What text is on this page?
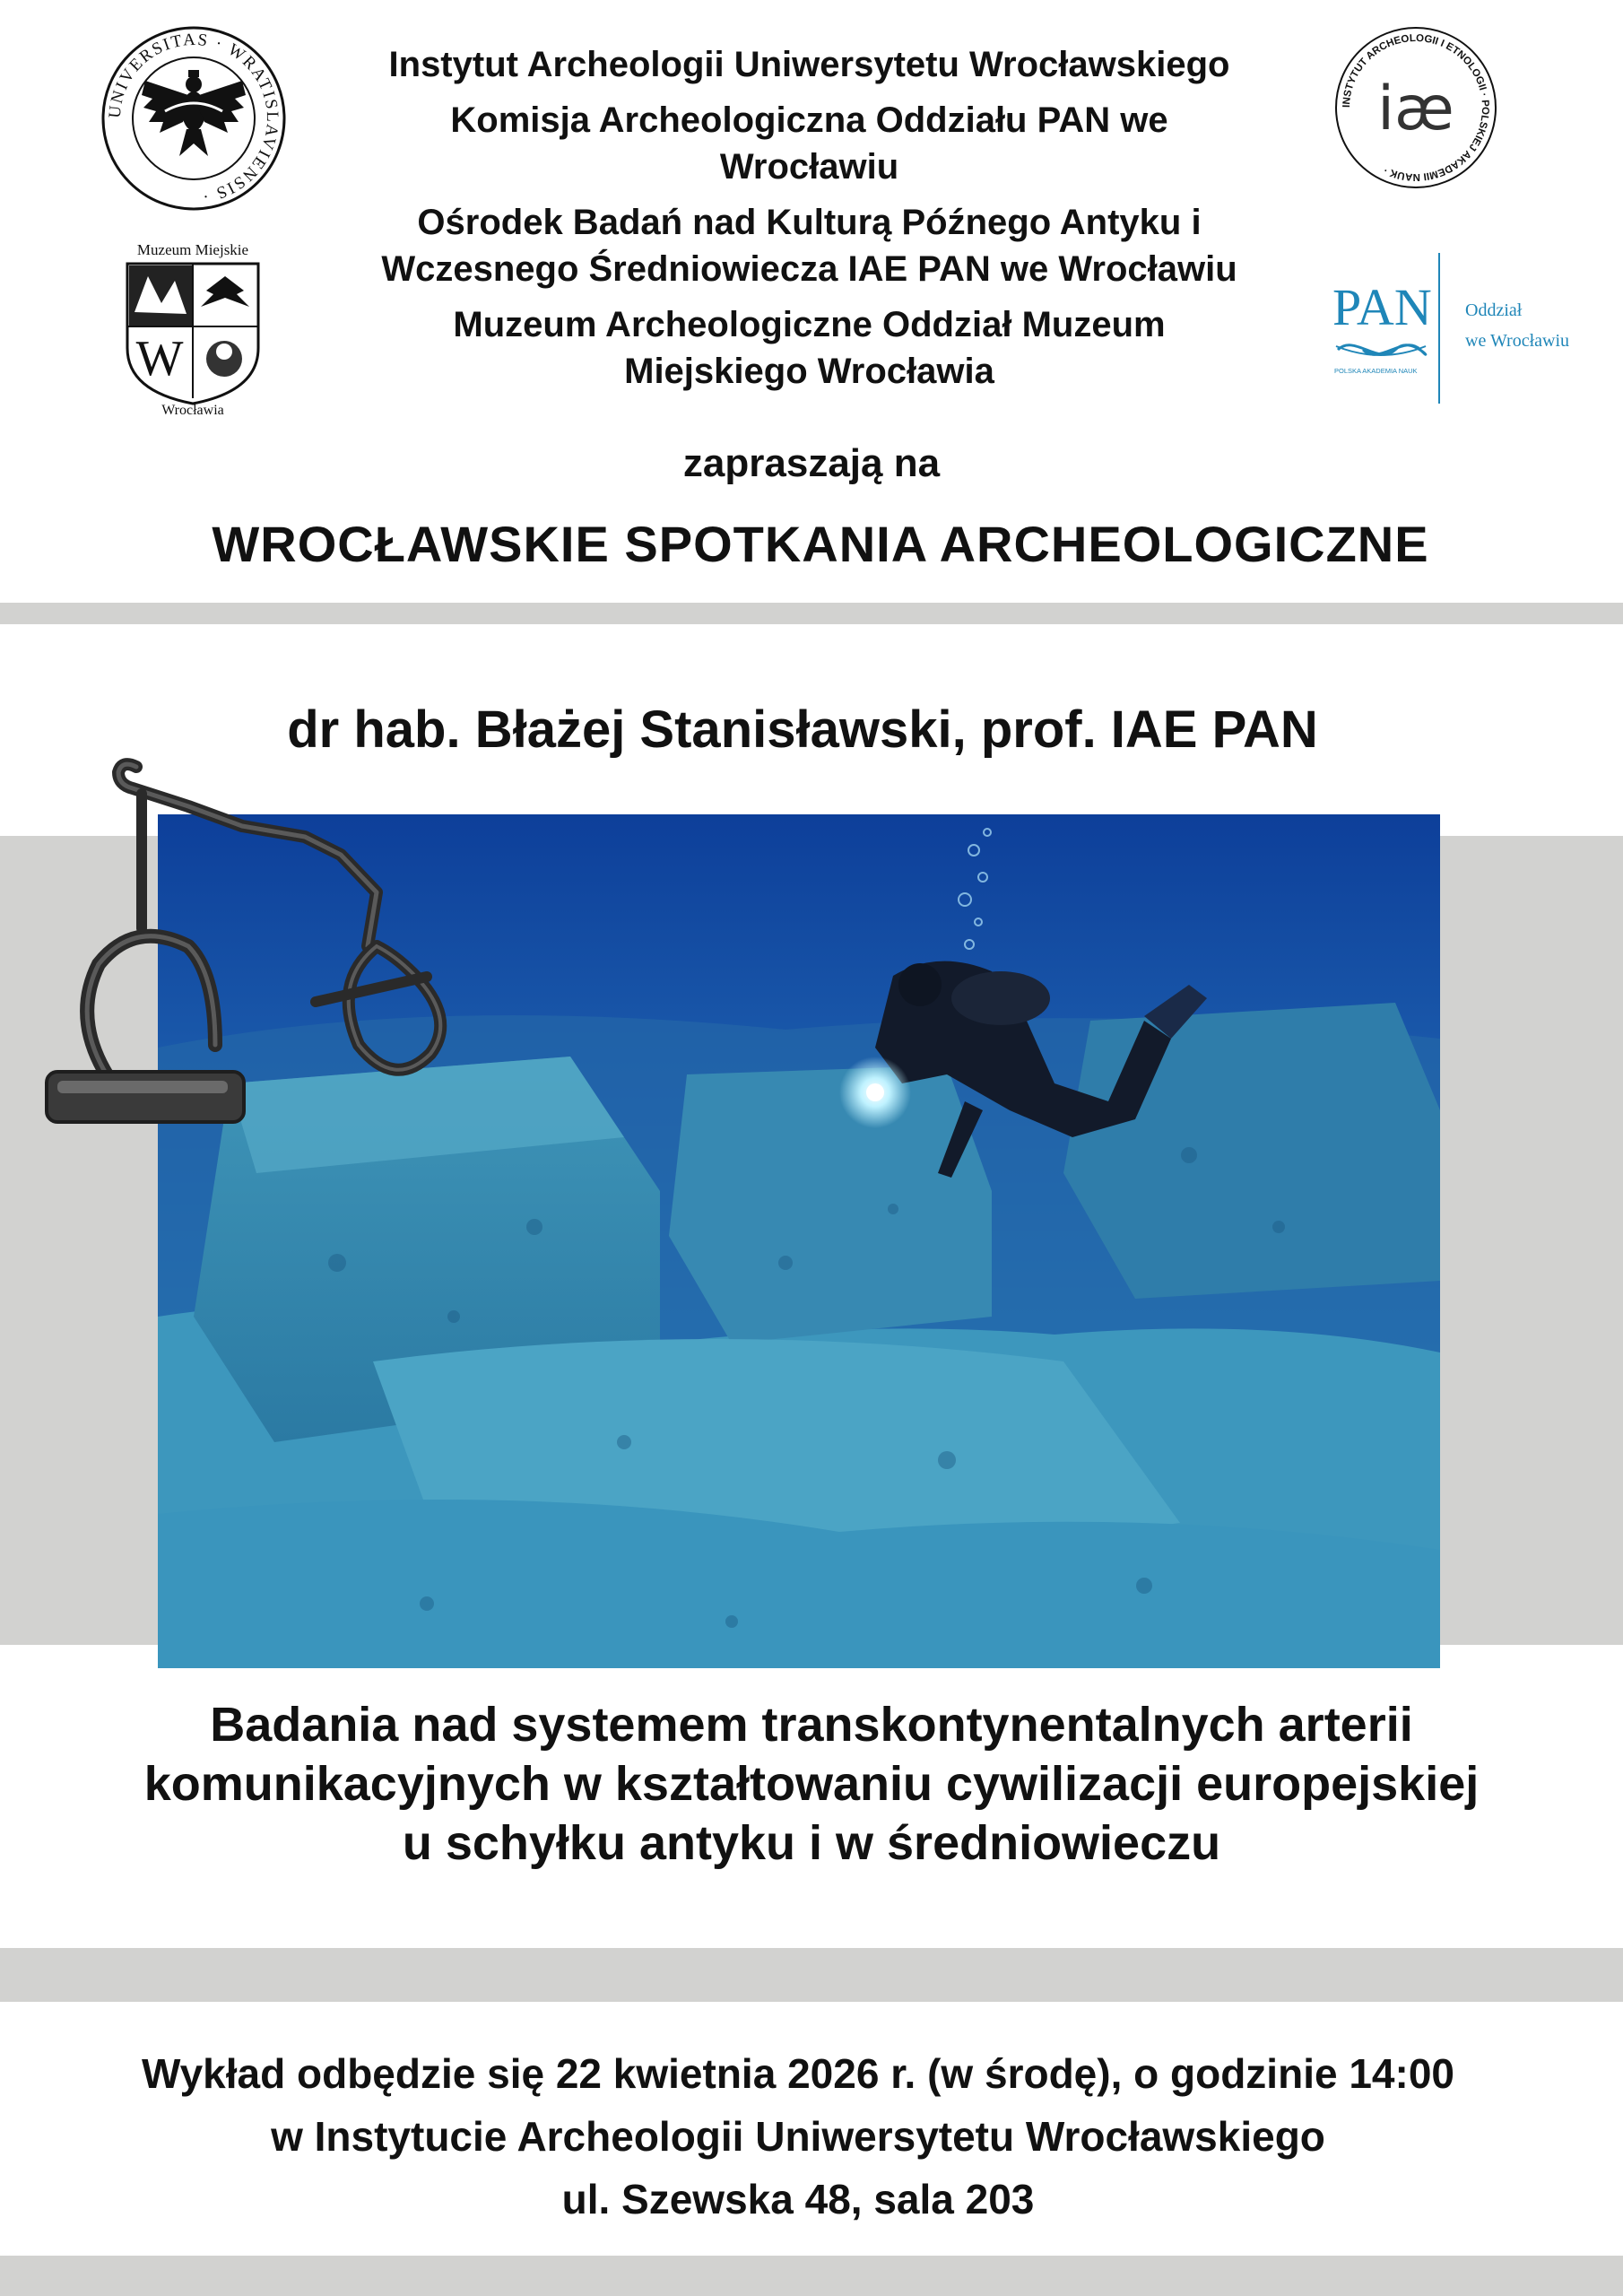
UNIVERSITAS · WRATISLAVIENSIS ·
Muzeum Miejskie
W
Wrocławia
INSTYTUT ARCHEOLOGII I ETNOLOGII · POLSKIEJ AKADEMII NAUK ·
iæ
PAN
POLSKA AKADEMIA NAUK
Oddział
we Wrocławiu
Instytut Archeologii Uniwersytetu Wrocławskiego
Komisja Archeologiczna Oddziału PAN we Wrocławiu
Ośrodek Badań nad Kulturą Późnego Antyku i Wczesnego Średniowiecza IAE PAN we Wrocławiu
Muzeum Archeologiczne Oddział Muzeum Miejskiego Wrocławia
zapraszają na
WROCŁAWSKIE SPOTKANIA ARCHEOLOGICZNE
dr hab. Błażej Stanisławski, prof. IAE PAN
Badania nad systemem transkontynentalnych arterii
komunikacyjnych w kształtowaniu cywilizacji europejskiej
u schyłku antyku i w średniowieczu
Wykład odbędzie się 22 kwietnia 2026 r. (w środę), o godzinie 14:00
w Instytucie Archeologii Uniwersytetu Wrocławskiego
ul. Szewska 48, sala 203
